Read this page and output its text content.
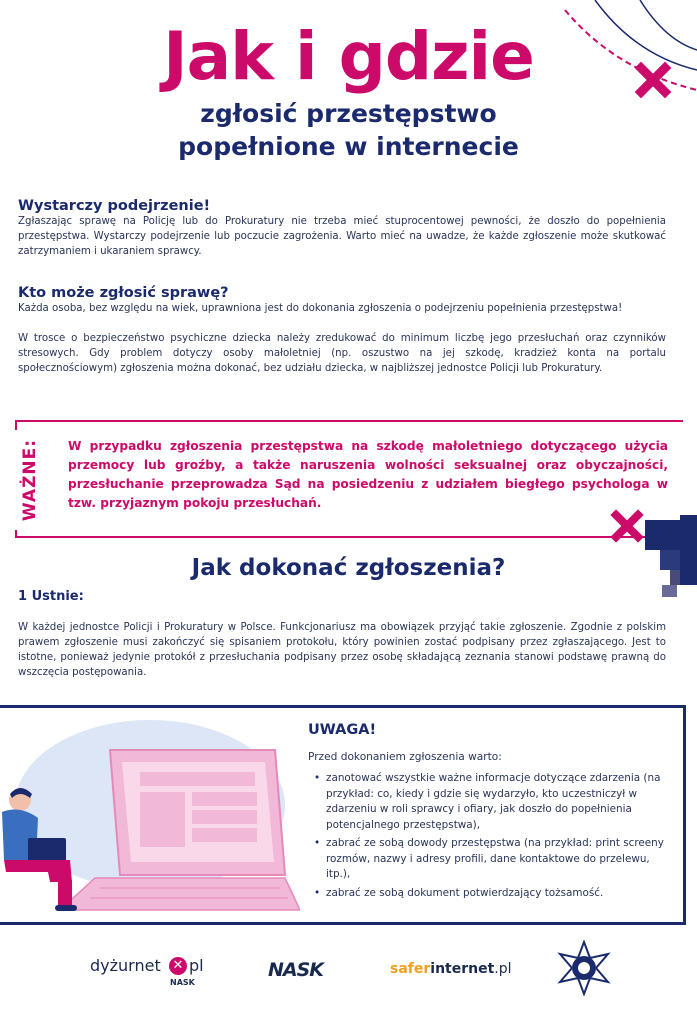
Jak i gdzie
zgłosić przestępstwo
popełnione w internecie
Wystarczy podejrzenie!

Zgłaszając sprawę na Policję lub do Prokuratury nie trzeba mieć stuprocentowej pewności, że doszło do popełnienia przestępstwa. Wystarczy podejrzenie lub poczucie zagrożenia. Warto mieć na uwadze, że każde zgłoszenie może skutkować zatrzymaniem i ukaraniem sprawcy.

Kto może zgłosić sprawę?

Każda osoba, bez względu na wiek, uprawniona jest do dokonania zgłoszenia o podejrzeniu popełnienia przestępstwa!

W trosce o bezpieczeństwo psychiczne dziecka należy zredukować do minimum liczbę jego przesłuchań oraz czynników stresowych. Gdy problem dotyczy osoby małoletniej (np. oszustwo na jej szkodę, kradzież konta na portalu społecznościowym) zgłoszenia można dokonać, bez udziału dziecka, w najbliższej jednostce Policji lub Prokuratury.

WAŻNE: W przypadku zgłoszenia przestępstwa na szkodę małoletniego dotyczącego użycia przemocy lub groźby, a także naruszenia wolności seksualnej oraz obyczajności, przesłuchanie przeprowadza Sąd na posiedzeniu z udziałem biegłego psychologa w tzw. przyjaznym pokoju przesłuchań.
Jak dokonać zgłoszenia?
1 Ustnie:

W każdej jednostce Policji i Prokuratury w Polsce. Funkcjonariusz ma obowiązek przyjąć takie zgłoszenie. Zgodnie z polskim prawem zgłoszenie musi zakończyć się spisaniem protokołu, który powinien zostać podpisany przez zgłaszającego. Jest to istotne, ponieważ jedynie protokół z przesłuchania podpisany przez osobę składającą zeznania stanowi podstawę prawną do wszczęcia postępowania.

UWAGA!
Przed dokonaniem zgłoszenia warto:
• zanotować wszystkie ważne informacje dotyczące zdarzenia (na przykład: co, kiedy i gdzie się wydarzyło, kto uczestniczył w zdarzeniu w roli sprawcy i ofiary, jak doszło do popełnienia potencjalnego przestępstwa),
• zabrać ze sobą dowody przestępstwa (na przykład: print screeny rozmów, nazwy i adresy profili, dane kontaktowe do przelewu, itp.),
• zabrać ze sobą dokument potwierdzający tożsamość.
dyżurnet ✕ pl
NASK
NASK	saferinternet.pl
